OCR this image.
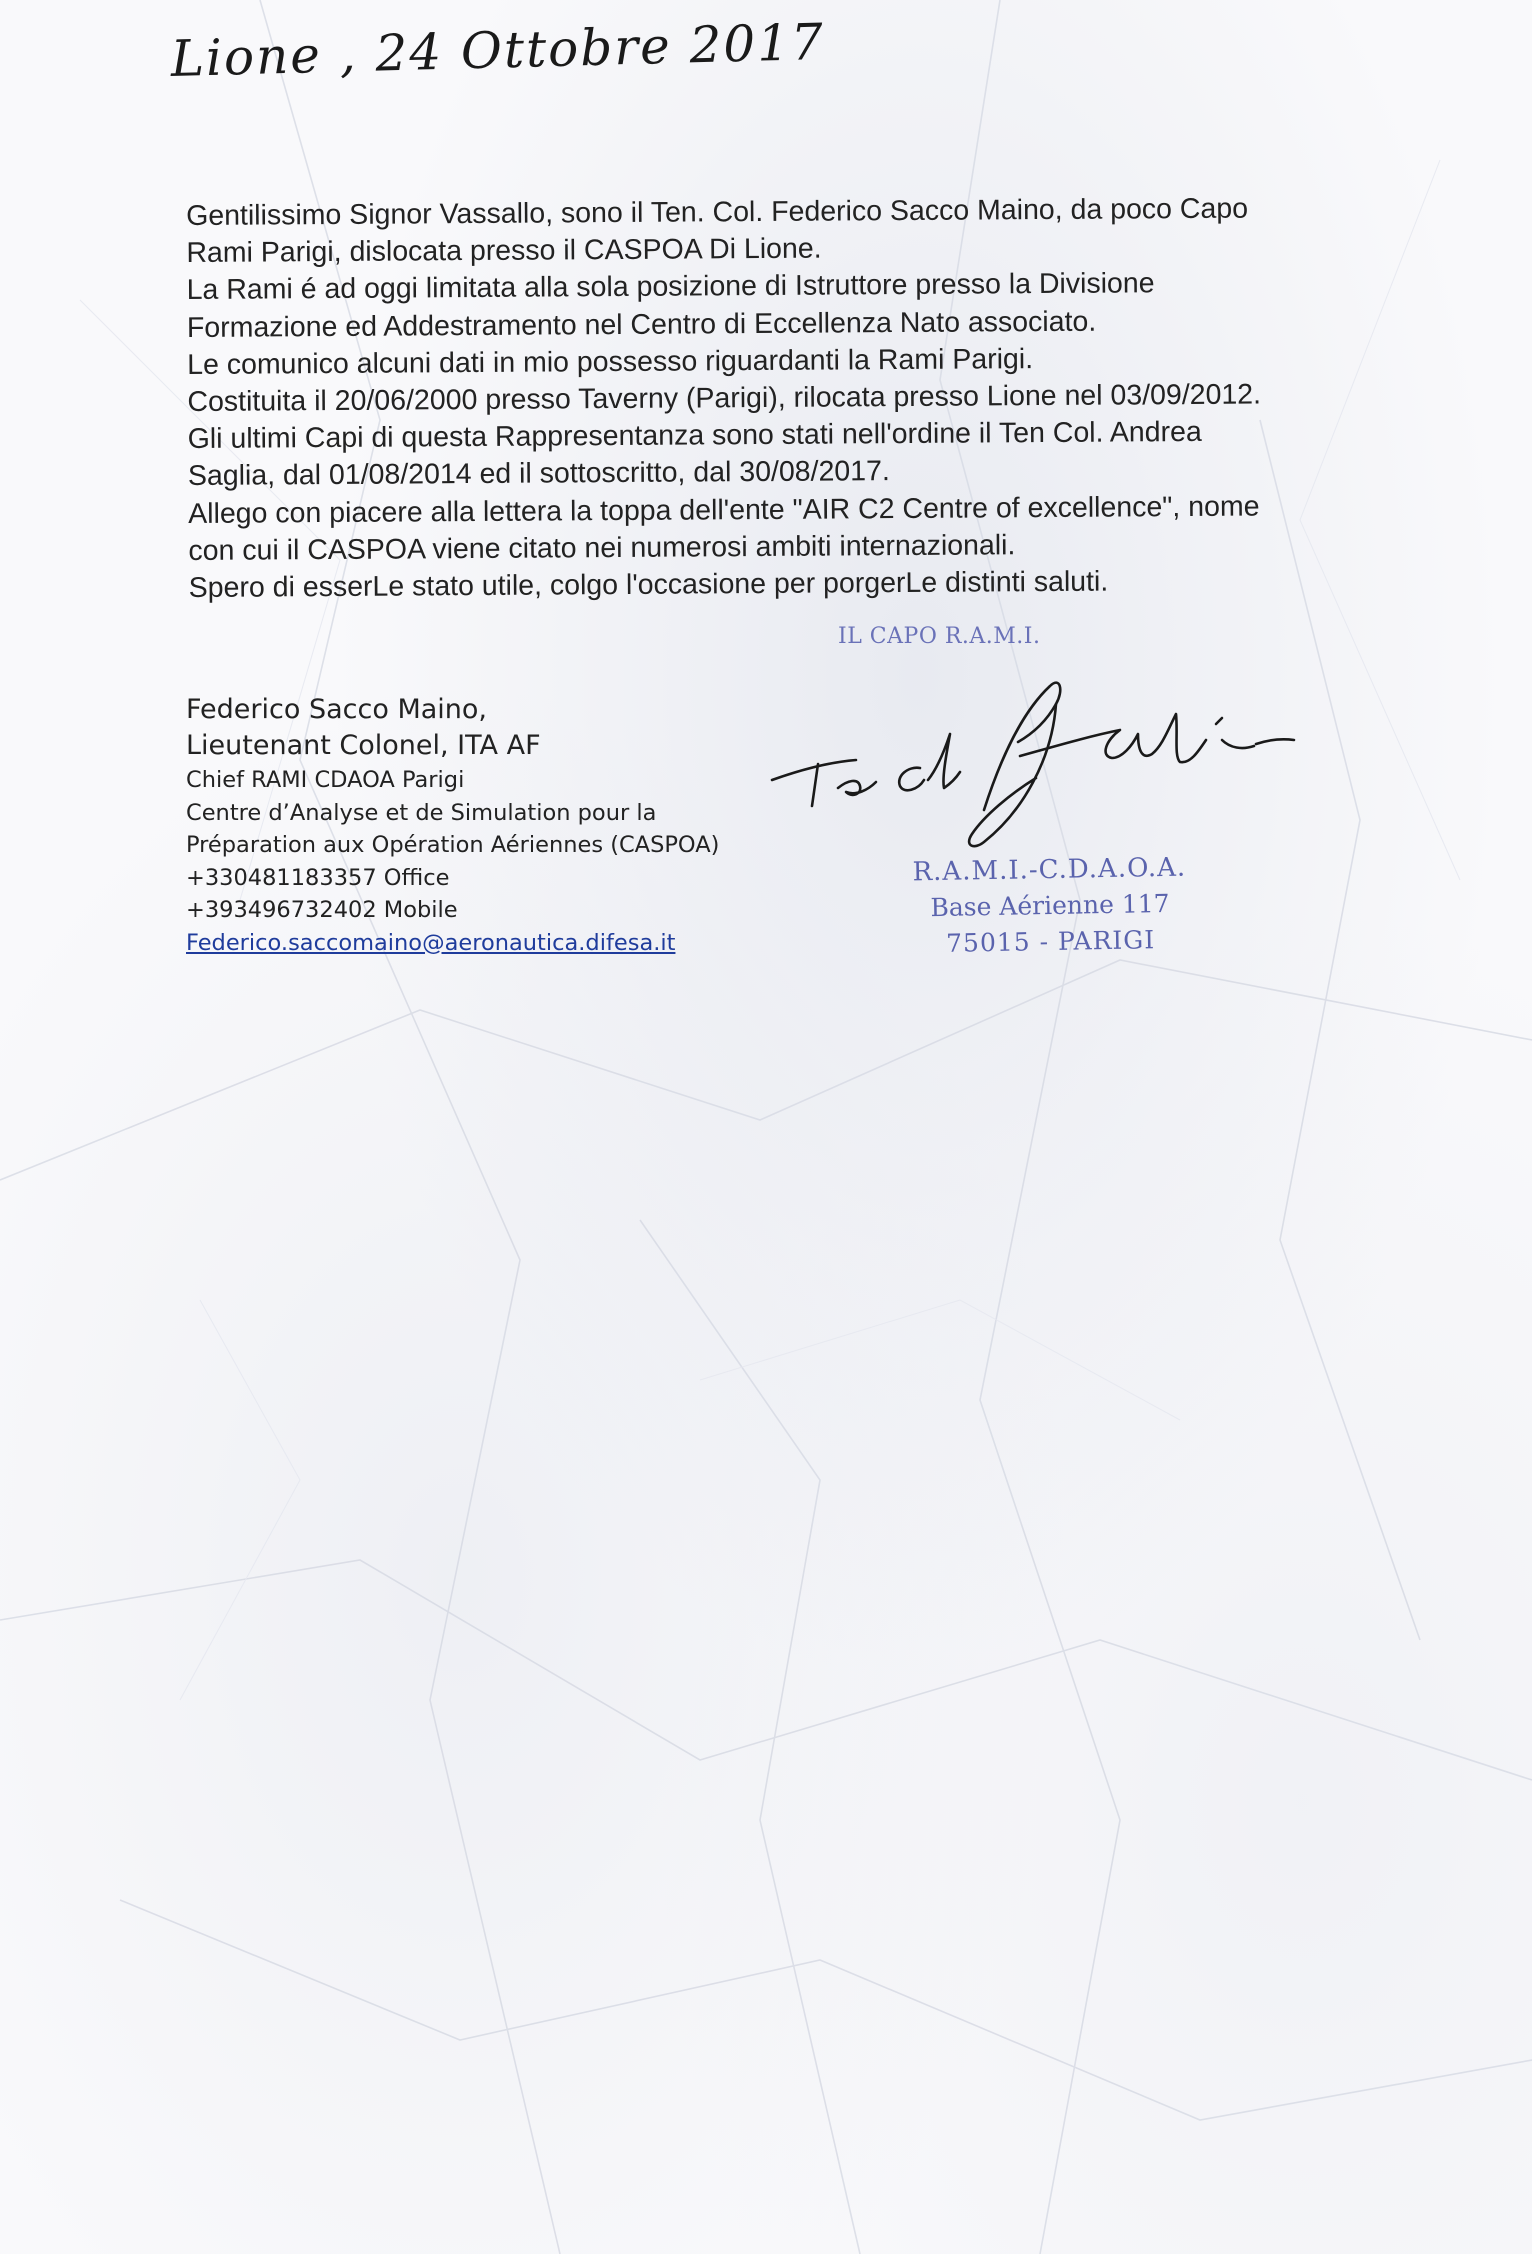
Lione , 24 Ottobre 2017

Gentilissimo Signor Vassallo, sono il Ten. Col. Federico Sacco Maino, da poco Capo

Rami Parigi, dislocata presso il CASPOA Di Lione.

La Rami é ad oggi limitata alla sola posizione di Istruttore presso la Divisione

Formazione ed Addestramento nel Centro di Eccellenza Nato associato.

Le comunico alcuni dati in mio possesso riguardanti la Rami Parigi.

Costituita il 20/06/2000 presso Taverny (Parigi), rilocata presso Lione nel 03/09/2012.

Gli ultimi Capi di questa Rappresentanza sono stati nell'ordine il Ten Col. Andrea

Saglia, dal 01/08/2014 ed il sottoscritto, dal 30/08/2017.

Allego con piacere alla lettera la toppa dell'ente "AIR C2 Centre of excellence", nome

con cui il CASPOA viene citato nei numerosi ambiti internazionali.

Spero di esserLe stato utile, colgo l'occasione per porgerLe distinti saluti.

IL CAPO R.A.M.I.
Federico Sacco Maino,
Lieutenant Colonel, ITA AF
Chief RAMI CDAOA Parigi
Centre d’Analyse et de Simulation pour la
Préparation aux Opération Aériennes (CASPOA)
+330481183357 Office
+393496732402 Mobile
Federico.saccomaino@aeronautica.difesa.it
R.A.M.I.-C.D.A.O.A.
Base Aérienne 117
75015 - PARIGI
